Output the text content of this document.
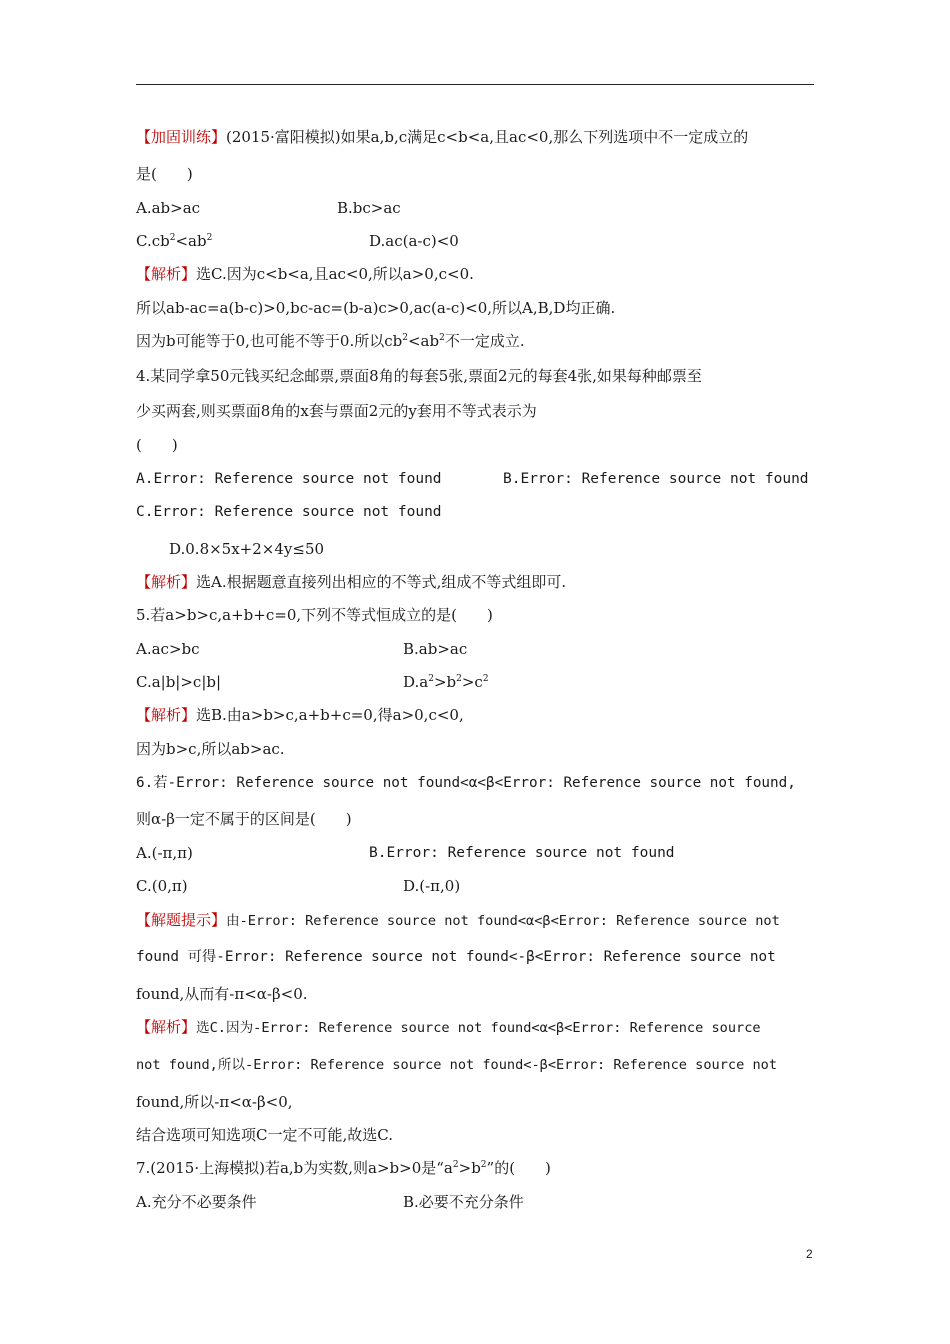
【加固训练】(2015·富阳模拟)如果a,b,c满足c<b<a,且ac<0,那么下列选项中不一定成立的
是(　　)
A.ab>ac	B.bc>ac
$C.cb^2<ab^2$	D.ac(a-c)<0
【解析】选C.因为c<b<a,且ac<0,所以a>0,c<0.
所以ab-ac=a(b-c)>0,bc-ac=(b-a)c>0,ac(a-c)<0,所以A,B,D均正确.
因为b可能等于0,也可能不等于0.所以$cb^2<ab^2$不一定成立.
4.某同学拿50元钱买纪念邮票,票面8角的每套5张,票面2元的每套4张,如果每种邮票至
少买两套,则买票面8角的x套与票面2元的y套用不等式表示为
(　　)
A.Error: Reference source not found	B.Error: Reference source not found
C.Error: Reference source not found
D.0.8×5x+2×4y≤50
【解析】选A.根据题意直接列出相应的不等式,组成不等式组即可.
5.若a>b>c,a+b+c=0,下列不等式恒成立的是(　　)
A.ac>bc	B.ab>ac
C.a|b|>c|b|	$D.a^2>b^2>c^2$
【解析】选B.由a>b>c,a+b+c=0,得a>0,c<0,
因为b>c,所以ab>ac.
6.若-Error: Reference source not found<α<β<Error: Reference source not found,
则α-β一定不属于的区间是(　　)
A.(-π,π)	B.Error: Reference source not found
C.(0,π)	D.(-π,0)
【解题提示】由-Error: Reference source not found<α<β<Error: Reference source not
found 可得-Error: Reference source not found<-β<Error: Reference source not
found,从而有-π<α-β<0.
【解析】选C.因为-Error: Reference source not found<α<β<Error: Reference source
not found,所以-Error: Reference source not found<-β<Error: Reference source not
found,所以-π<α-β<0,
结合选项可知选项C一定不可能,故选C.
7.(2015·上海模拟)若a,b为实数,则a>b>0是“$a^2>b^2$”的(　　)
A.充分不必要条件	B.必要不充分条件
2
